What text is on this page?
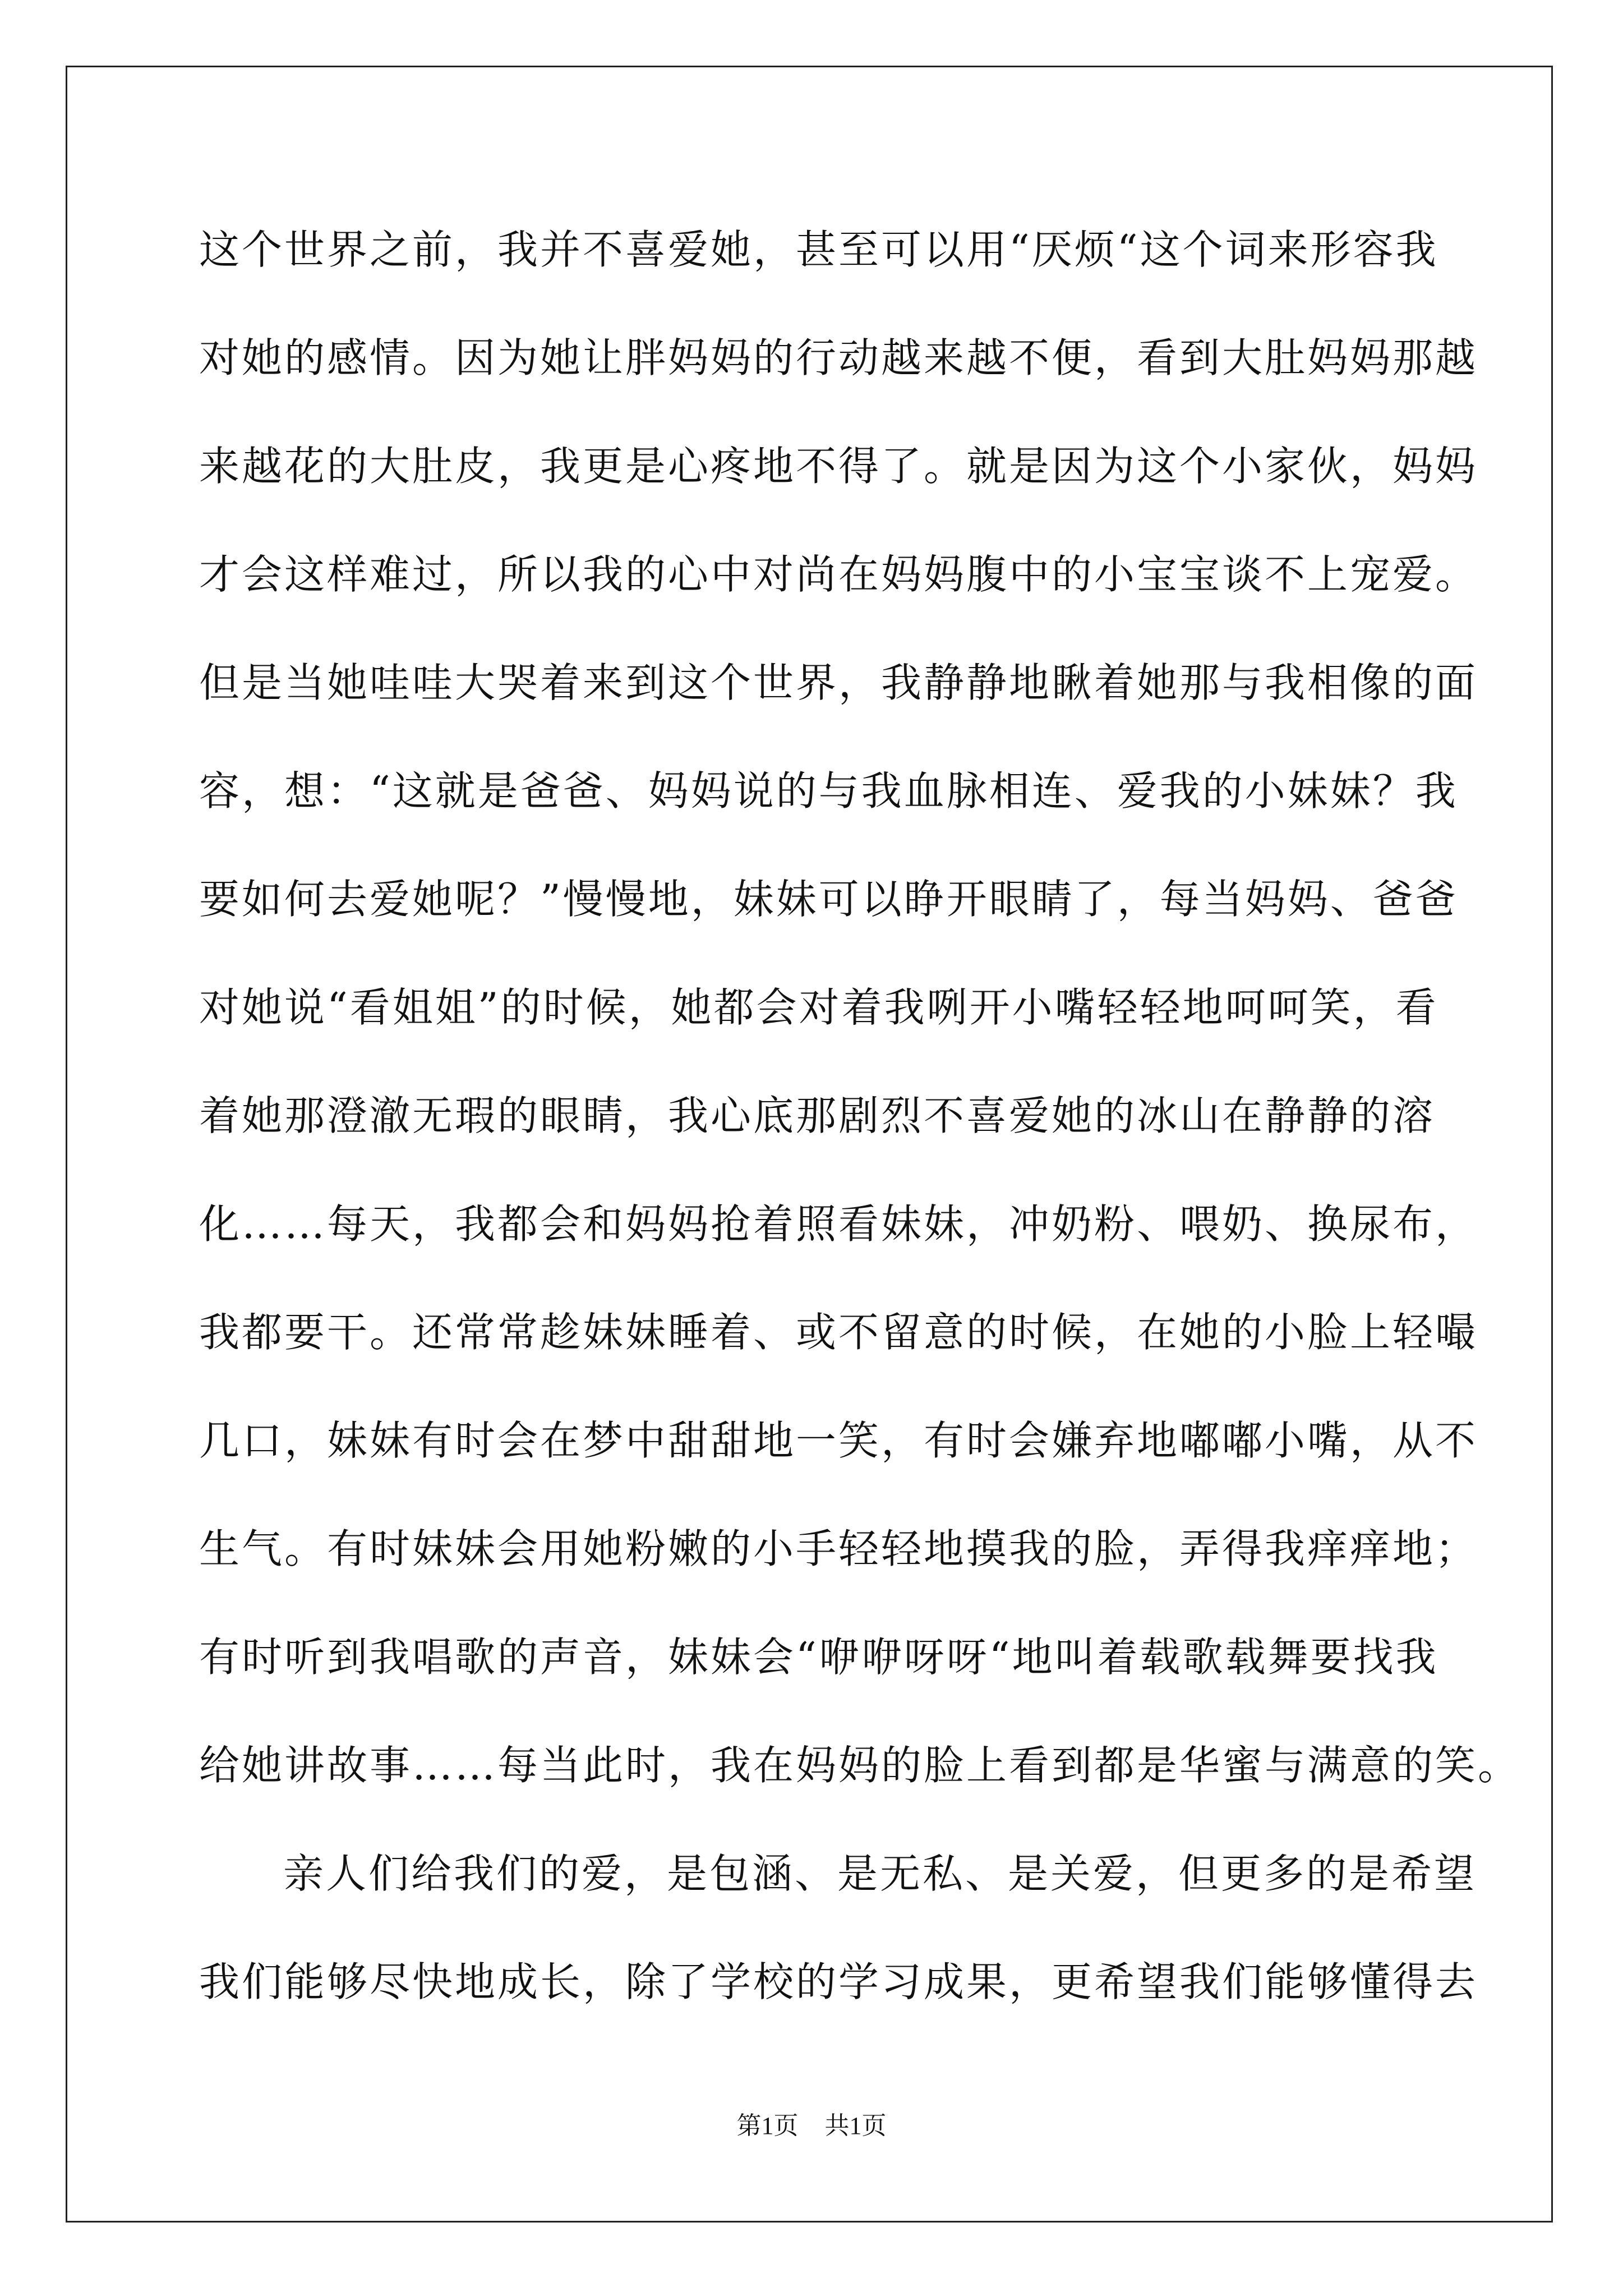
这个世界之前，我并不喜爱她，甚至可以用“厌烦“这个词来形容我
对她的感情。因为她让胖妈妈的行动越来越不便，看到大肚妈妈那越
来越花的大肚皮，我更是心疼地不得了。就是因为这个小家伙，妈妈
才会这样难过，所以我的心中对尚在妈妈腹中的小宝宝谈不上宠爱。
但是当她哇哇大哭着来到这个世界，我静静地瞅着她那与我相像的面
容，想：“这就是爸爸、妈妈说的与我血脉相连、爱我的小妹妹？我
要如何去爱她呢？”慢慢地，妹妹可以睁开眼睛了，每当妈妈、爸爸
对她说“看姐姐”的时候，她都会对着我咧开小嘴轻轻地呵呵笑，看
着她那澄澈无瑕的眼睛，我心底那剧烈不喜爱她的冰山在静静的溶
化……每天，我都会和妈妈抢着照看妹妹，冲奶粉、喂奶、换尿布，
我都要干。还常常趁妹妹睡着、或不留意的时候，在她的小脸上轻嘬
几口，妹妹有时会在梦中甜甜地一笑，有时会嫌弃地嘟嘟小嘴，从不
生气。有时妹妹会用她粉嫩的小手轻轻地摸我的脸，弄得我痒痒地；
有时听到我唱歌的声音，妹妹会“咿咿呀呀“地叫着载歌载舞要找我
给她讲故事……每当此时，我在妈妈的脸上看到都是华蜜与满意的笑。
亲人们给我们的爱，是包涵、是无私、是关爱，但更多的是希望
我们能够尽快地成长，除了学校的学习成果，更希望我们能够懂得去
第1页 共1页
